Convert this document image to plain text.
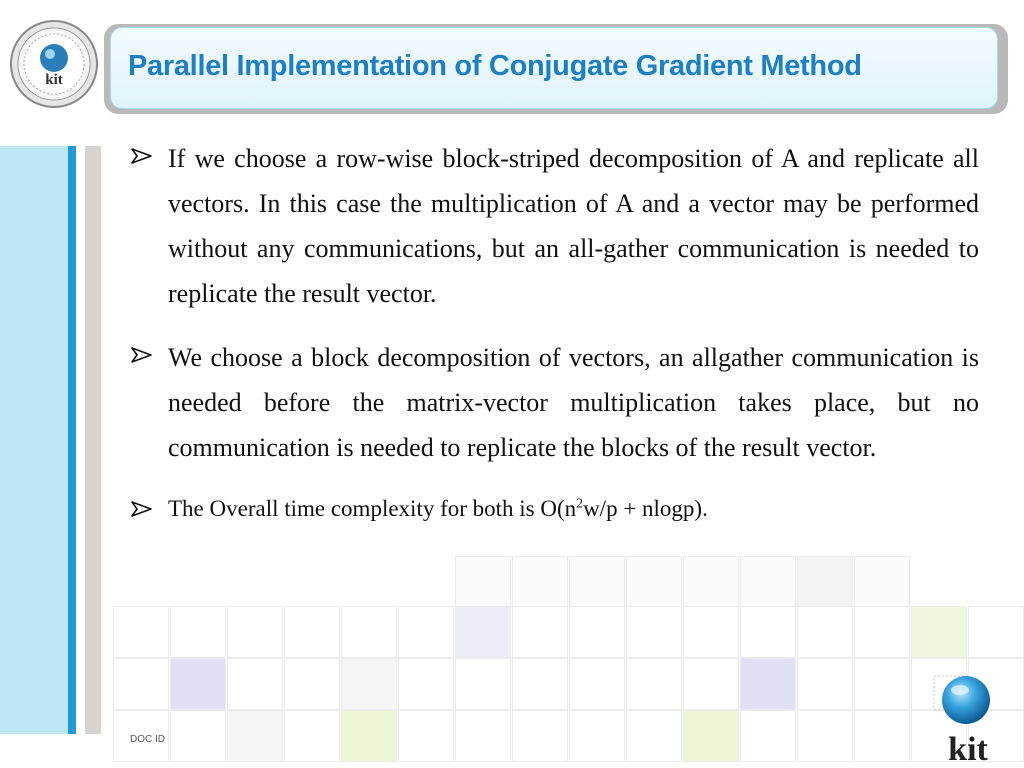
kit Parallel Implementation of Conjugate Gradient Method
If we choose a row-wise block-striped decomposition of A and replicate all vectors. In this case the multiplication of A and a vector may be performed without any communications, but an all-gather communication is needed to replicate the result vector.
We choose a block decomposition of vectors, an allgather communication is needed before the matrix-vector multiplication takes place, but no communication is needed to replicate the blocks of the result vector.
The Overall time complexity for both is $O(n^2w/p + nlogp)$.
DOC ID	kit
